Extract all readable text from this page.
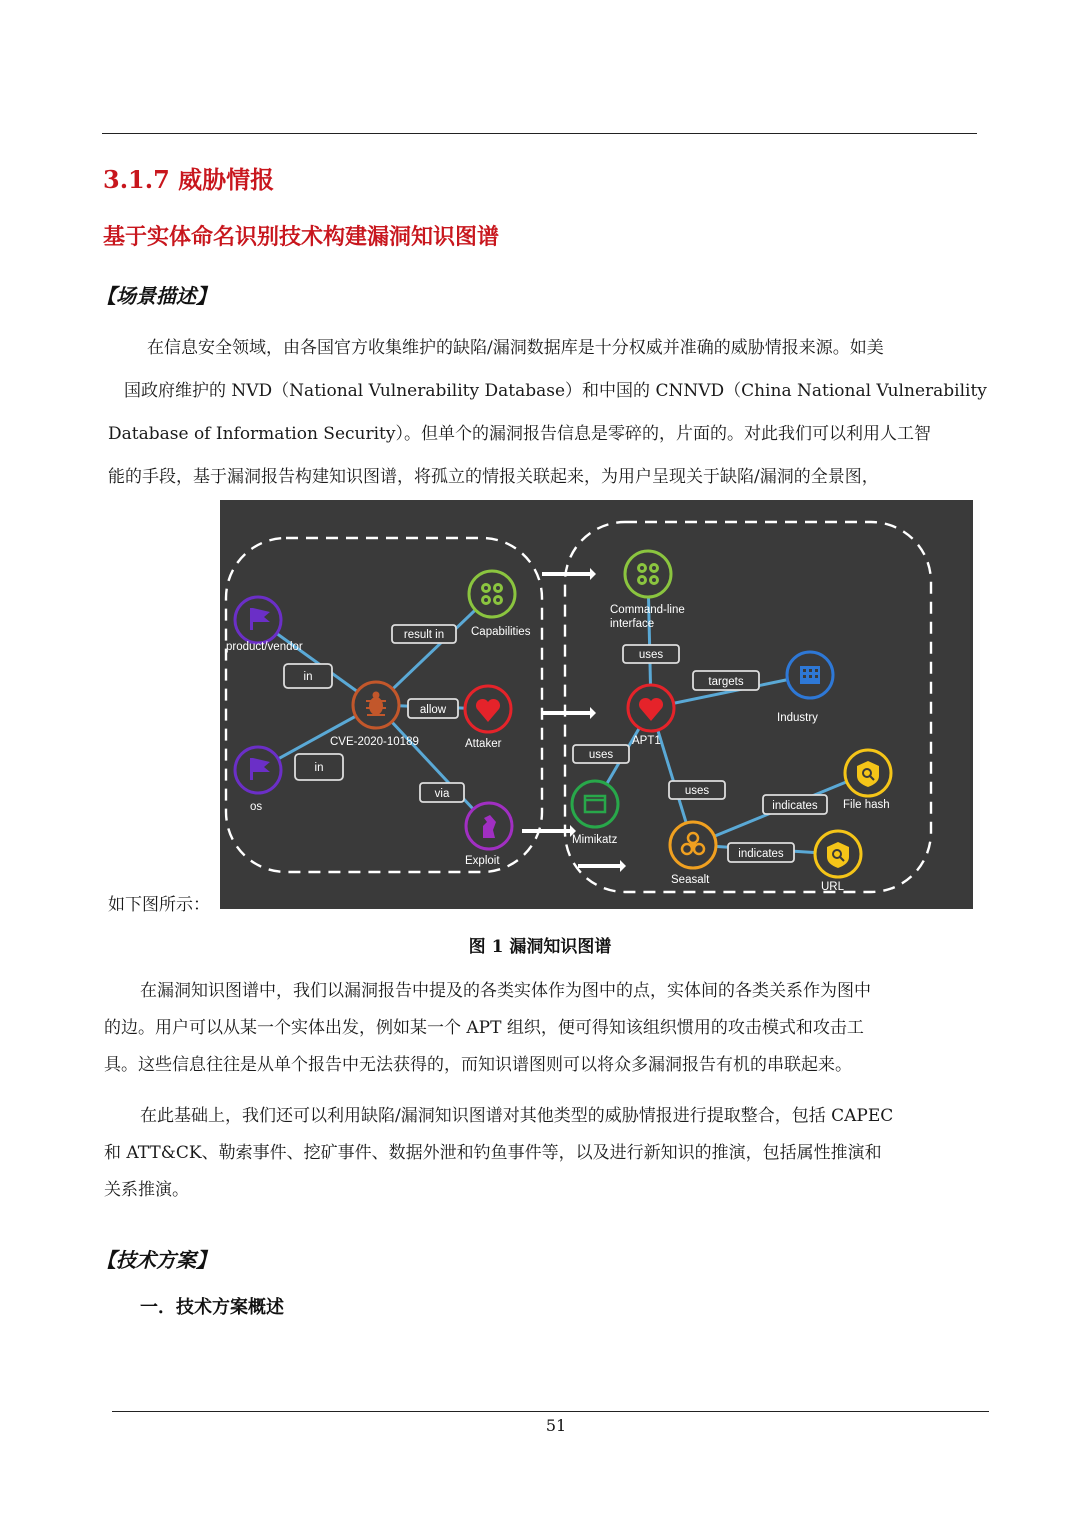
3.1.7 威胁情报
基于实体命名识别技术构建漏洞知识图谱
【场景描述】
在信息安全领域，由各国官方收集维护的缺陷/漏洞数据库是十分权威并准确的威胁情报来源。如美
国政府维护的 NVD（National Vulnerability Database）和中国的 CNNVD（China National Vulnerability
Database of Information Security）。但单个的漏洞报告信息是零碎的，片面的。对此我们可以利用人工智
能的手段，基于漏洞报告构建知识图谱，将孤立的情报关联起来，为用户呈现关于缺陷/漏洞的全景图，
如下图所示：
in
in
result in
allow
via
uses
targets
uses
uses
indicates
indicates
product/vendor
os
CVE-2020-10189
Capabilities
Attaker
Exploit
Command-line
interface
APT1
Industry
Mimikatz
Seasalt
File hash
URL
图 1 漏洞知识图谱
在漏洞知识图谱中，我们以漏洞报告中提及的各类实体作为图中的点，实体间的各类关系作为图中
的边。用户可以从某一个实体出发，例如某一个 APT 组织，便可得知该组织惯用的攻击模式和攻击工
具。这些信息往往是从单个报告中无法获得的，而知识谱图则可以将众多漏洞报告有机的串联起来。
在此基础上，我们还可以利用缺陷/漏洞知识图谱对其他类型的威胁情报进行提取整合，包括 CAPEC
和 ATT&CK、勒索事件、挖矿事件、数据外泄和钓鱼事件等，以及进行新知识的推演，包括属性推演和
关系推演。
【技术方案】
一．技术方案概述
51
